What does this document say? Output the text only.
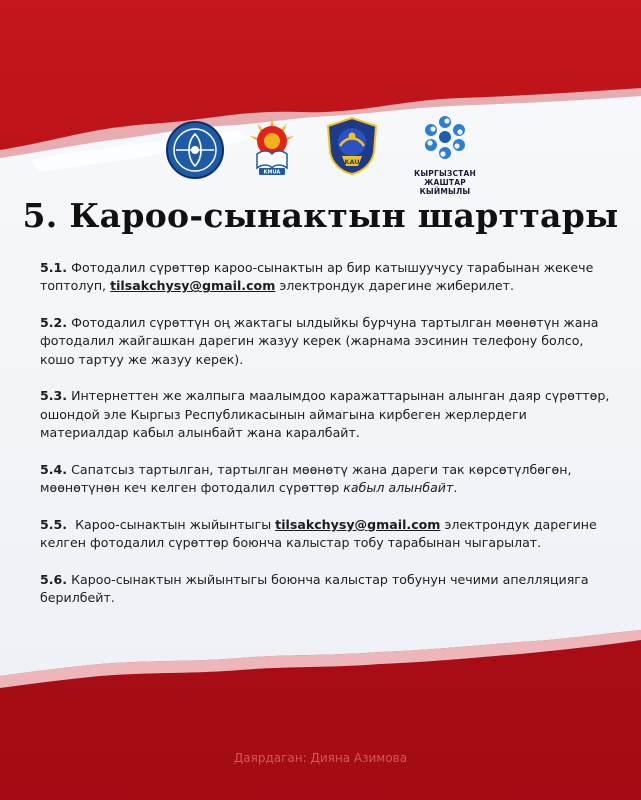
KMUA
KAU
КЫРГЫЗСТАН ЖАШТАР
КЫЙМЫЛЫ
5. Кароо-сынактын шарттары

5.1. Фотодалил сүрөттөр кароо-сынактын ар бир катышуучусу тарабынан жекече топтолуп, tilsakchysy@gmail.com электрондук дарегине жиберилет.

5.2. Фотодалил сүрөттүн оң жактагы ылдыйкы бурчуна тартылган мөөнөтүн жана фотодалил жайгашкан дарегин жазуу керек (жарнама ээсинин телефону болсо, кошо тартуу же жазуу керек).

5.3. Интернеттен же жалпыга маалымдоо каражаттарынан алынган даяр сүрөттөр, ошондой эле Кыргыз Республикасынын аймагына кирбеген жерлердеги материалдар кабыл алынбайт жана каралбайт.

5.4. Сапатсыз тартылган, тартылган мөөнөтү жана дареги так көрсөтүлбөгөн, мөөнөтүнөн кеч келген фотодалил сүрөттөр кабыл алынбайт.

5.5.  Кароо-сынактын жыйынтыгы tilsakchysy@gmail.com электрондук дарегине келген фотодалил сүрөттөр боюнча калыстар тобу тарабынан чыгарылат.

5.6. Кароо-сынактын жыйынтыгы боюнча калыстар тобунун чечими апелляцияга берилбейт.

Даярдаган: Дияна Азимова
